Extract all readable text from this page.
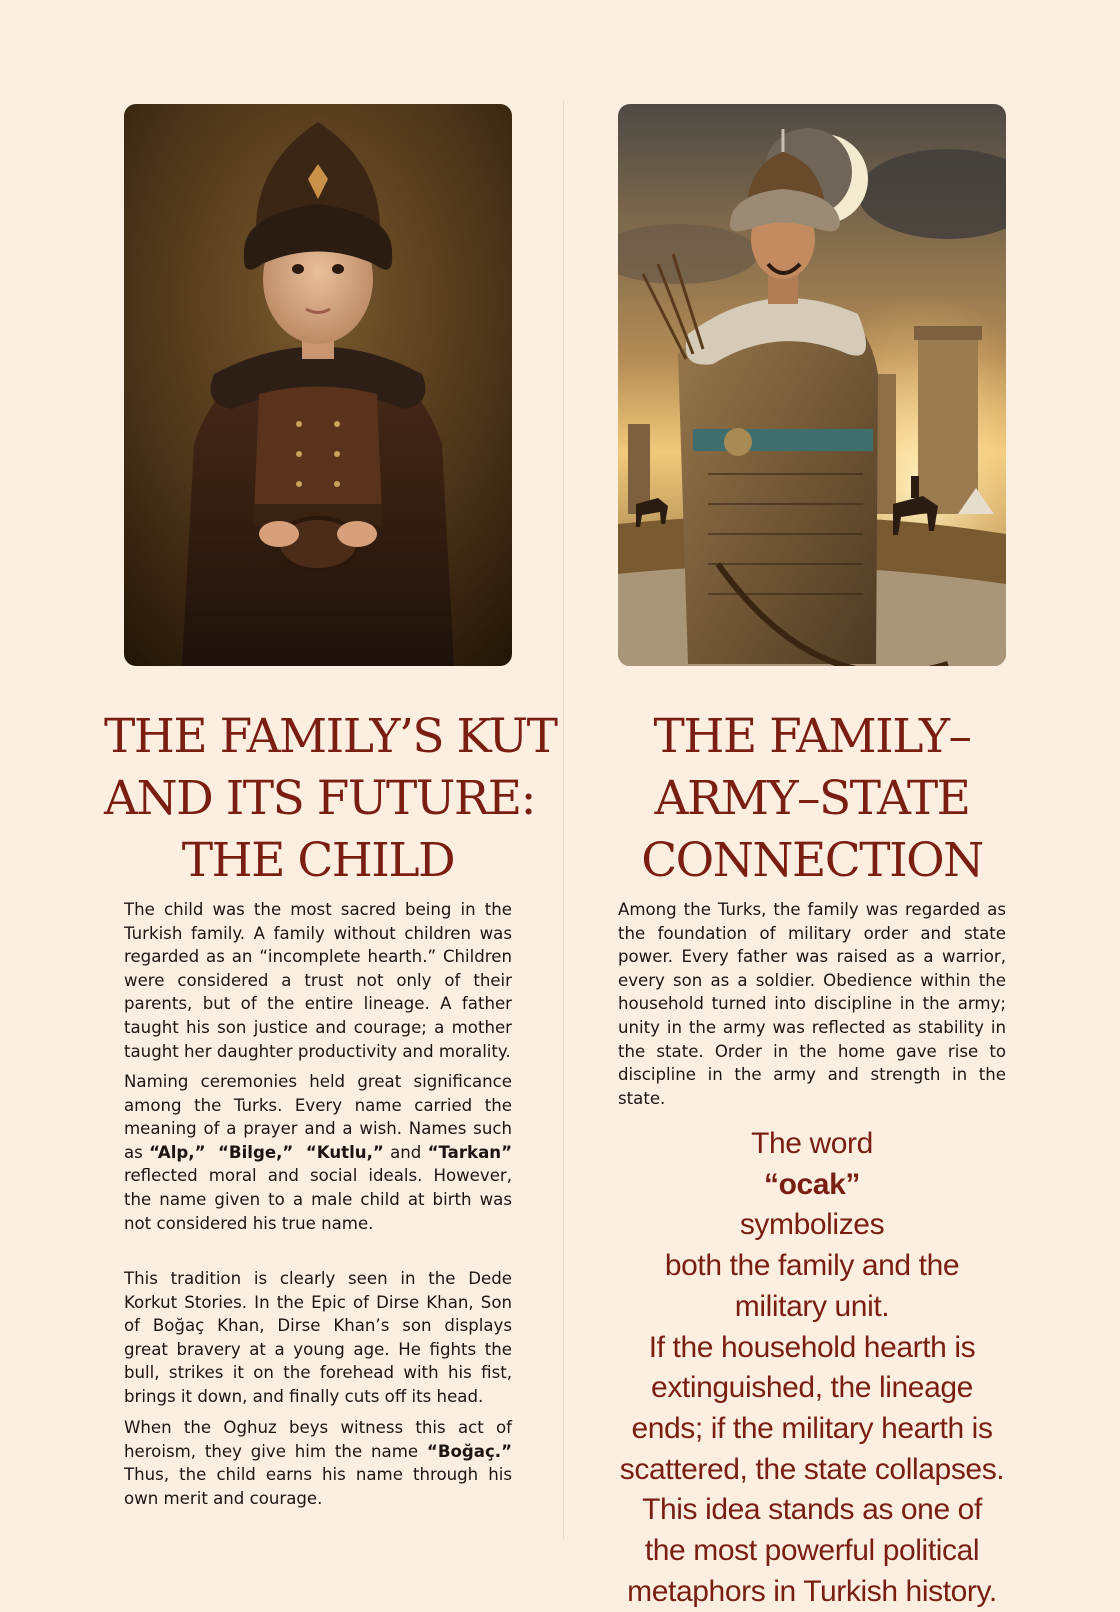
THE FAMILY’S KUT
AND ITS FUTURE:
THE CHILD

The child was the most sacred being in the Turkish family. A family without children was regarded as an “incomplete hearth.” Children were considered a trust not only of their parents, but of the entire lineage. A father taught his son justice and courage; a mother taught her daughter productivity and morality.

Naming ceremonies held great significance among the Turks. Every name carried the meaning of a prayer and a wish. Names such as “Alp,” “Bilge,” “Kutlu,” and “Tarkan” reflected moral and social ideals. However, the name given to a male child at birth was not considered his true name.

This tradition is clearly seen in the Dede Korkut Stories. In the Epic of Dirse Khan, Son of Boğaç Khan, Dirse Khan’s son displays great bravery at a young age. He fights the bull, strikes it on the forehead with his fist, brings it down, and finally cuts off its head.

When the Oghuz beys witness this act of heroism, they give him the name “Boğaç.” Thus, the child earns his name through his own merit and courage.

THE FAMILY–
ARMY–STATE
CONNECTION

Among the Turks, the family was regarded as the foundation of military order and state power. Every father was raised as a warrior, every son as a soldier. Obedience within the household turned into discipline in the army; unity in the army was reflected as stability in the state. Order in the home gave rise to discipline in the army and strength in the state.

The word
“ocak”
symbolizes
both the family and the
military unit.
If the household hearth is
extinguished, the lineage
ends; if the military hearth is
scattered, the state collapses.
This idea stands as one of
the most powerful political
metaphors in Turkish history.
